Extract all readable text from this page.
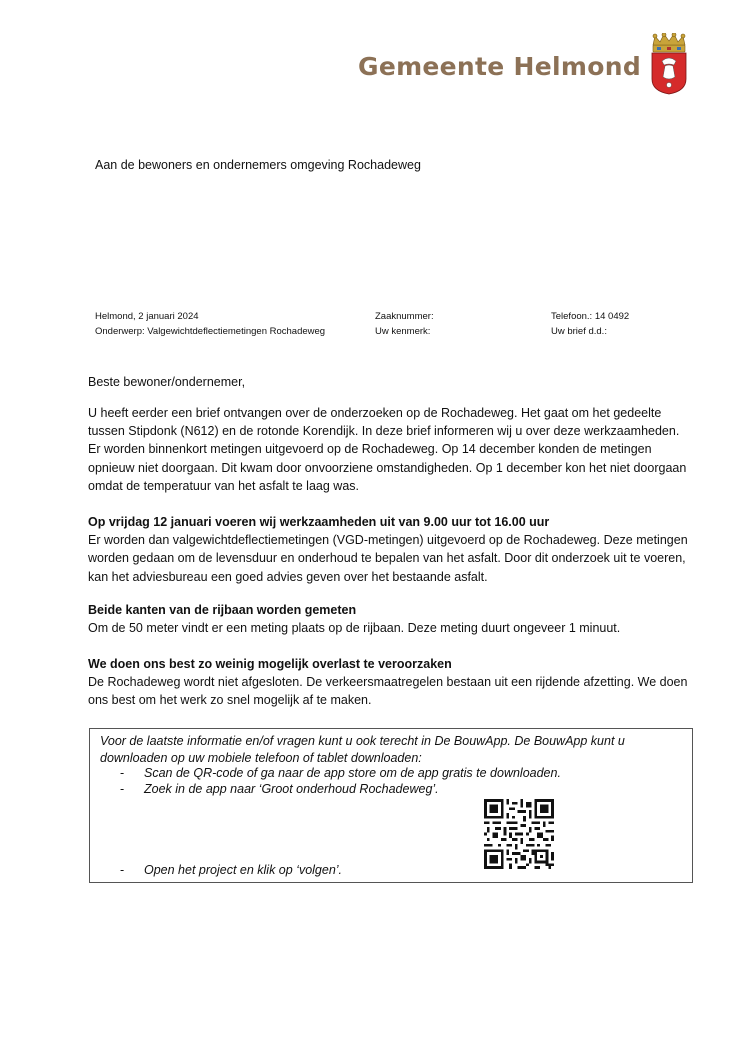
Gemeente Helmond
Aan de bewoners en ondernemers omgeving Rochadeweg
Helmond, 2 januari 2024
Onderwerp: Valgewichtdeflectiemetingen Rochadeweg
Zaaknummer:
Uw kenmerk:
Telefoon.: 14 0492
Uw brief d.d.:
Beste bewoner/ondernemer,

U heeft eerder een brief ontvangen over de onderzoeken op de Rochadeweg. Het gaat om het gedeelte tussen Stipdonk (N612) en de rotonde Korendijk. In deze brief informeren wij u over deze werkzaamheden. Er worden binnenkort metingen uitgevoerd op de Rochadeweg. Op 14 december konden de metingen opnieuw niet doorgaan. Dit kwam door onvoorziene omstandigheden. Op 1 december kon het niet doorgaan omdat de temperatuur van het asfalt te laag was.

Op vrijdag 12 januari voeren wij werkzaamheden uit van 9.00 uur tot 16.00 uur

Er worden dan valgewichtdeflectiemetingen (VGD-metingen) uitgevoerd op de Rochadeweg. Deze metingen worden gedaan om de levensduur en onderhoud te bepalen van het asfalt. Door dit onderzoek uit te voeren, kan het adviesbureau een goed advies geven over het bestaande asfalt.

Beide kanten van de rijbaan worden gemeten

Om de 50 meter vindt er een meting plaats op de rijbaan. Deze meting duurt ongeveer 1 minuut.

We doen ons best zo weinig mogelijk overlast te veroorzaken

De Rochadeweg wordt niet afgesloten. De verkeersmaatregelen bestaan uit een rijdende afzetting. We doen ons best om het werk zo snel mogelijk af te maken.

Voor de laatste informatie en/of vragen kunt u ook terecht in De BouwApp. De BouwApp kunt u downloaden op uw mobiele telefoon of tablet downloaden:
- Scan de QR-code of ga naar de app store om de app gratis te downloaden.
- Zoek in de app naar ‘Groot onderhoud Rochadeweg’.
- Open het project en klik op ‘volgen’.
